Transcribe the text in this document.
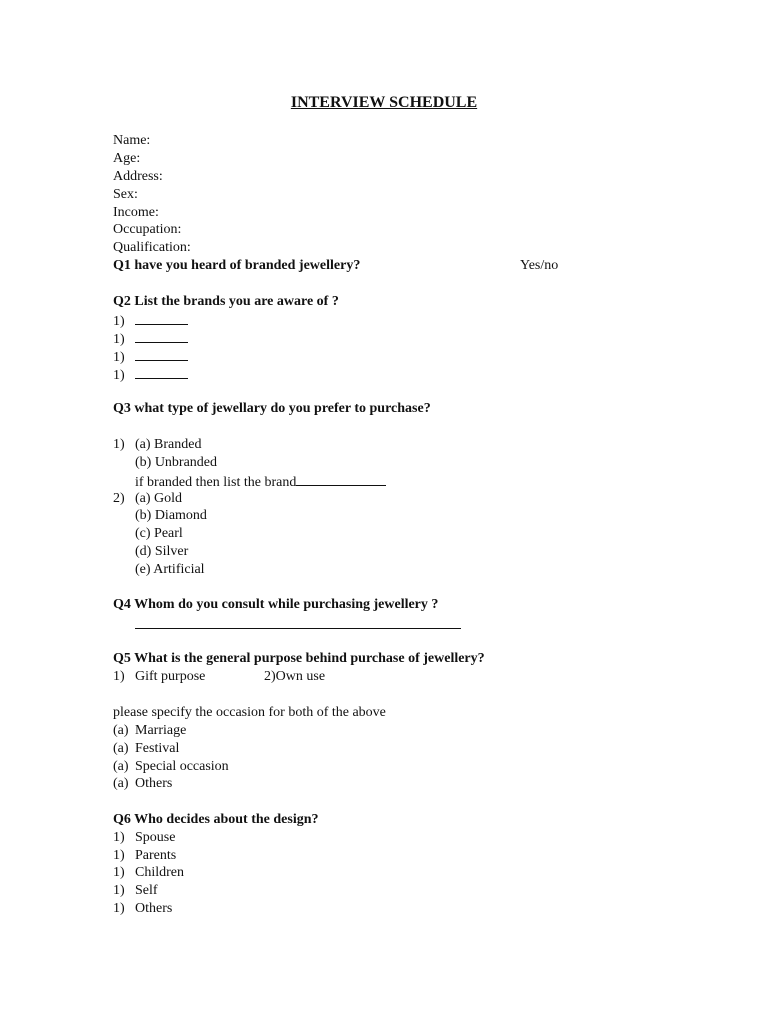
INTERVIEW SCHEDULE
Name:
Age:
Address:
Sex:
Income:
Occupation:
Qualification:
Q1 have you heard of branded jewellery?	Yes/no
Q2 List the brands you are aware of ?
1)
1)
1)
1)
Q3 what type of jewellary do you prefer to purchase?
1) (a) Branded
(b) Unbranded
if branded then list the brand
2) (a) Gold
(b) Diamond
(c) Pearl
(d) Silver
(e) Artificial
Q4 Whom do you consult while purchasing jewellery ?
Q5 What is the general purpose behind purchase of jewellery?
1) Gift purpose	2)Own use
please specify the occasion for both of the above
(a) Marriage
(a) Festival
(a) Special occasion
(a) Others
Q6 Who decides about the design?
1) Spouse
1) Parents
1) Children
1) Self
1) Others
